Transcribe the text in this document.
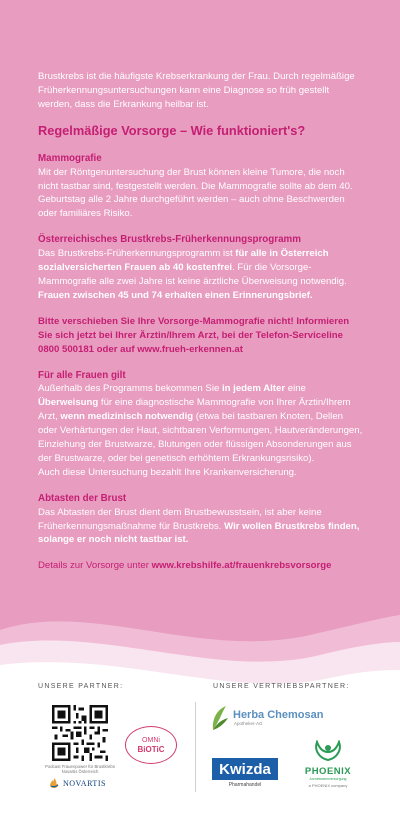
Brustkrebs ist die häufigste Krebserkrankung der Frau. Durch regelmäßige Früherkennungsuntersuchungen kann eine Diagnose so früh gestellt werden, dass die Erkrankung heilbar ist.

Regelmäßige Vorsorge – Wie funktioniert's?

Mammografie

Mit der Röntgenuntersuchung der Brust können kleine Tumore, die noch nicht tastbar sind, festgestellt werden. Die Mammografie sollte ab dem 40. Geburtstag alle 2 Jahre durchgeführt werden – auch ohne Beschwerden oder familiäres Risiko.

Österreichisches Brustkrebs-Früherkennungsprogramm

Das Brustkrebs-Früherkennungsprogramm ist für alle in Österreich sozialversicherten Frauen ab 40 kostenfrei. Für die Vorsorge-Mammografie alle zwei Jahre ist keine ärztliche Überweisung notwendig. Frauen zwischen 45 und 74 erhalten einen Erinnerungsbrief.

Bitte verschieben Sie Ihre Vorsorge-Mammografie nicht! Informieren Sie sich jetzt bei Ihrer Ärztin/Ihrem Arzt, bei der Telefon-Serviceline 0800 500181 oder auf www.frueh-erkennen.at

Für alle Frauen gilt

Außerhalb des Programms bekommen Sie in jedem Alter eine Überweisung für eine diagnostische Mammografie von Ihrer Ärztin/Ihrem Arzt, wenn medizinisch notwendig (etwa bei tastbaren Knoten, Dellen oder Verhärtungen der Haut, sichtbaren Verformungen, Hautveränderungen, Einziehung der Brustwarze, Blutungen oder flüssigen Absonderungen aus der Brustwarze, oder bei genetisch erhöhtem Erkrankungsrisiko).

Auch diese Untersuchung bezahlt Ihre Krankenversicherung.

Abtasten der Brust

Das Abtasten der Brust dient dem Brustbewusstsein, ist aber keine Früherkennungsmaßnahme für Brustkrebs. Wir wollen Brustkrebs finden, solange er noch nicht tastbar ist.

Details zur Vorsorge unter www.krebshilfe.at/frauenkrebsvorsorge

UNSERE PARTNER:	UNSERE VERTRIEBSPARTNER:
Podcast Frauenpower für Brustkrebs
Novartis Österreich
NOVARTIS
OMNi
BiOTiC
Herba Chemosan
Apotheker-AG
Kwizda
Pharmahandel
PHOENIX
Arzneiwarenversorgung
a PHOENIX company
